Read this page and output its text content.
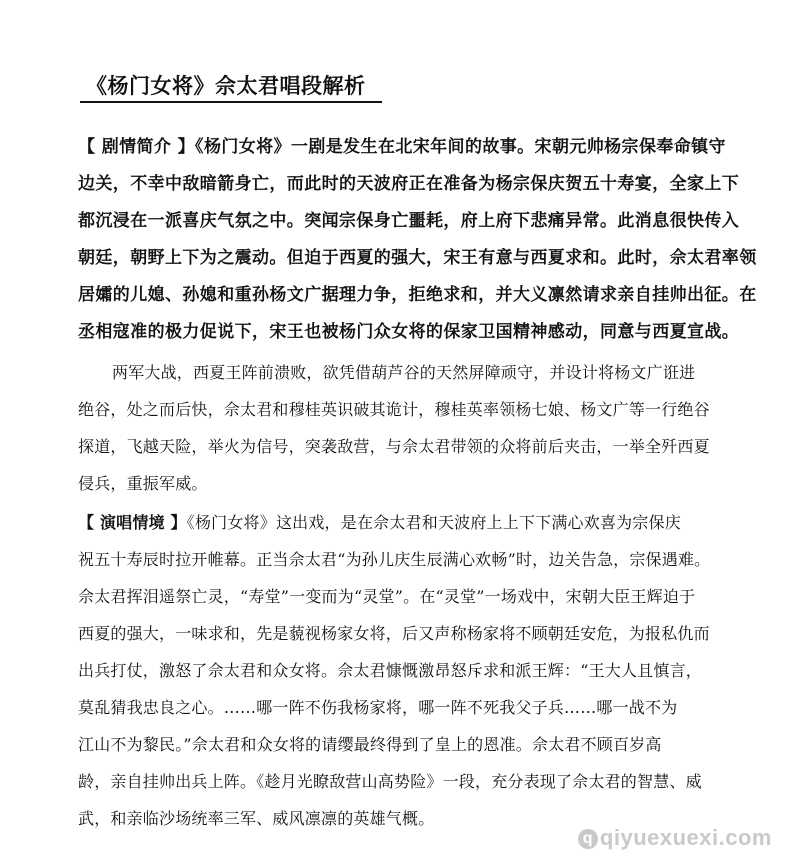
《杨门女将》佘太君唱段解析
【 剧情简介 】《杨门女将》一剧是发生在北宋年间的故事。宋朝元帅杨宗保奉命镇守
边关，不幸中敌暗箭身亡，而此时的天波府正在准备为杨宗保庆贺五十寿宴，全家上下
都沉浸在一派喜庆气氛之中。突闻宗保身亡噩耗，府上府下悲痛异常。此消息很快传入
朝廷，朝野上下为之震动。但迫于西夏的强大，宋王有意与西夏求和。此时，佘太君率领
居孀的儿媳、孙媳和重孙杨文广据理力争，拒绝求和，并大义凛然请求亲自挂帅出征。在
丞相寇准的极力促说下，宋王也被杨门众女将的保家卫国精神感动，同意与西夏宣战。
两军大战，西夏王阵前溃败，欲凭借葫芦谷的天然屏障顽守，并设计将杨文广诳进
绝谷，处之而后快，佘太君和穆桂英识破其诡计，穆桂英率领杨七娘、杨文广等一行绝谷
探道，飞越天险，举火为信号，突袭敌营，与佘太君带领的众将前后夹击，一举全歼西夏
侵兵，重振军威。
【 演唱情境 】《杨门女将》这出戏，是在佘太君和天波府上上下下满心欢喜为宗保庆
祝五十寿辰时拉开帷幕。正当佘太君“为孙儿庆生辰满心欢畅”时，边关告急，宗保遇难。
佘太君挥泪遥祭亡灵，“寿堂”一变而为“灵堂”。在“灵堂”一场戏中，宋朝大臣王辉迫于
西夏的强大，一味求和，先是藐视杨家女将，后又声称杨家将不顾朝廷安危，为报私仇而
出兵打仗，激怒了佘太君和众女将。佘太君慷慨激昂怒斥求和派王辉：“王大人且慎言，
莫乱猜我忠良之心。……哪一阵不伤我杨家将，哪一阵不死我父子兵……哪一战不为
江山不为黎民。”佘太君和众女将的请缨最终得到了皇上的恩准。佘太君不顾百岁高
龄，亲自挂帅出兵上阵。《趁月光瞭敌营山高势险》一段，充分表现了佘太君的智慧、威
武，和亲临沙场统率三军、威风凛凛的英雄气概。
q qiyuexuexi.com
